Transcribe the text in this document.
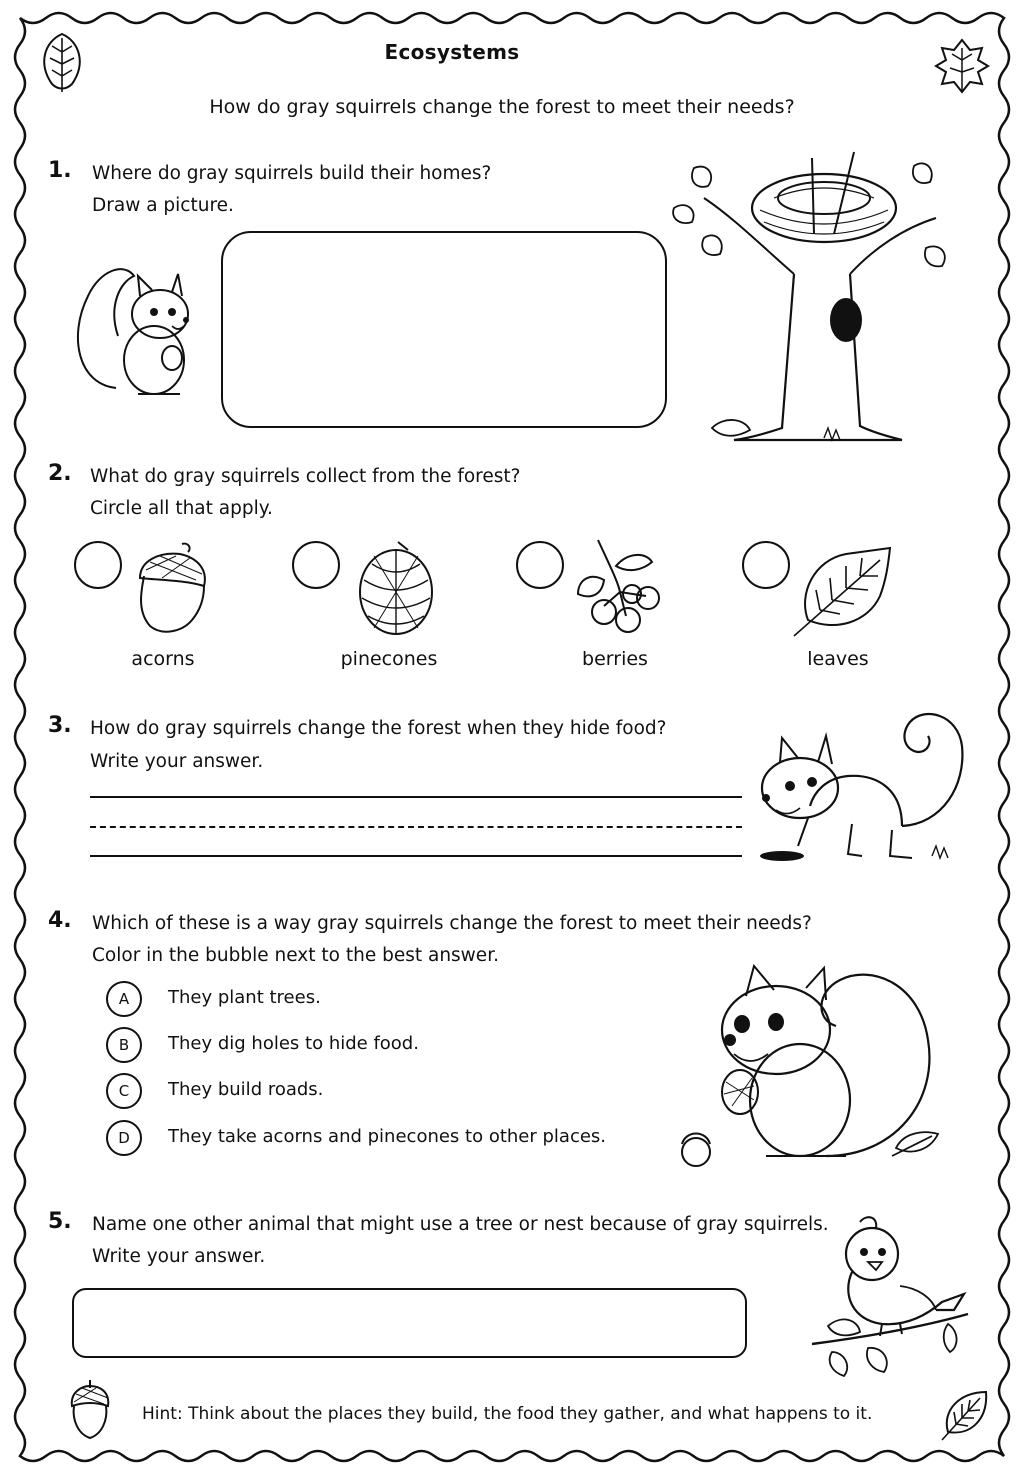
Ecosystems
How do gray squirrels change the forest to meet their needs?
1. Where do gray squirrels build their homes?
Draw a picture.
2. What do gray squirrels collect from the forest?
Circle all that apply.
acorns	pinecones	berries	leaves
3. How do gray squirrels change the forest when they hide food?
Write your answer.
4. Which of these is a way gray squirrels change the forest to meet their needs?
Color in the bubble next to the best answer.
A	They plant trees.
B	They dig holes to hide food.
C	They build roads.
D	They take acorns and pinecones to other places.
5. Name one other animal that might use a tree or nest because of gray squirrels.
Write your answer.
Hint: Think about the places they build, the food they gather, and what happens to it.
